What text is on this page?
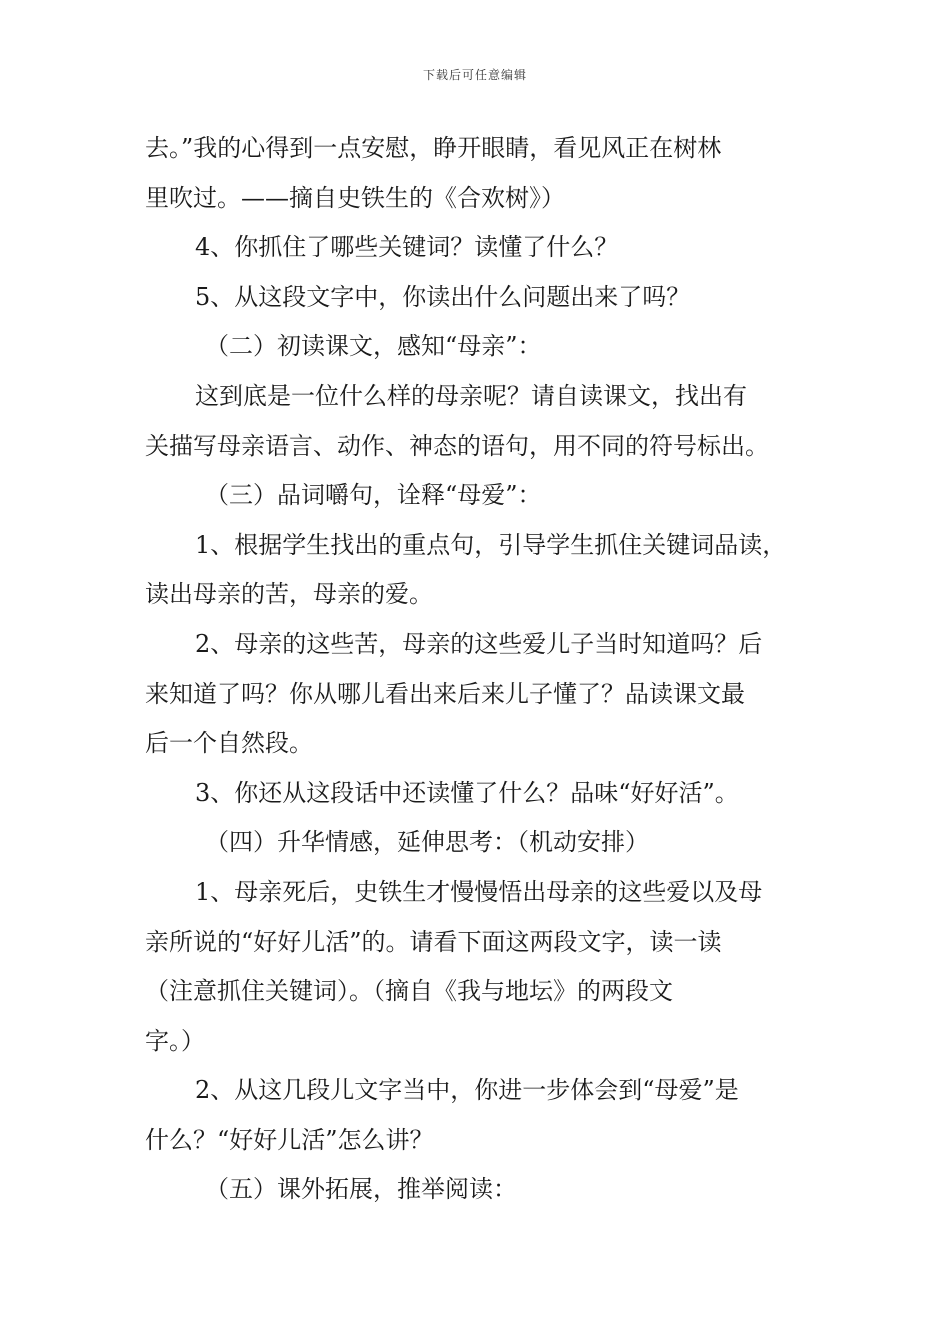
下载后可任意编辑

去。”我的心得到一点安慰，睁开眼睛，看见风正在树林

里吹过。——摘自史铁生的《合欢树》）

4、你抓住了哪些关键词？读懂了什么？

5、从这段文字中，你读出什么问题出来了吗？

（二）初读课文，感知“母亲”：

这到底是一位什么样的母亲呢？请自读课文，找出有

关描写母亲语言、动作、神态的语句，用不同的符号标出。

（三）品词嚼句，诠释“母爱”：

1、根据学生找出的重点句，引导学生抓住关键词品读，

读出母亲的苦，母亲的爱。

2、母亲的这些苦，母亲的这些爱儿子当时知道吗？后

来知道了吗？你从哪儿看出来后来儿子懂了？品读课文最

后一个自然段。

3、你还从这段话中还读懂了什么？品味“好好活”。

（四）升华情感，延伸思考：（机动安排）

1、母亲死后，史铁生才慢慢悟出母亲的这些爱以及母

亲所说的“好好儿活”的。请看下面这两段文字，读一读

（注意抓住关键词）。（摘自《我与地坛》的两段文

字。）

2、从这几段儿文字当中，你进一步体会到“母爱”是

什么？“好好儿活”怎么讲？

（五）课外拓展，推举阅读：
